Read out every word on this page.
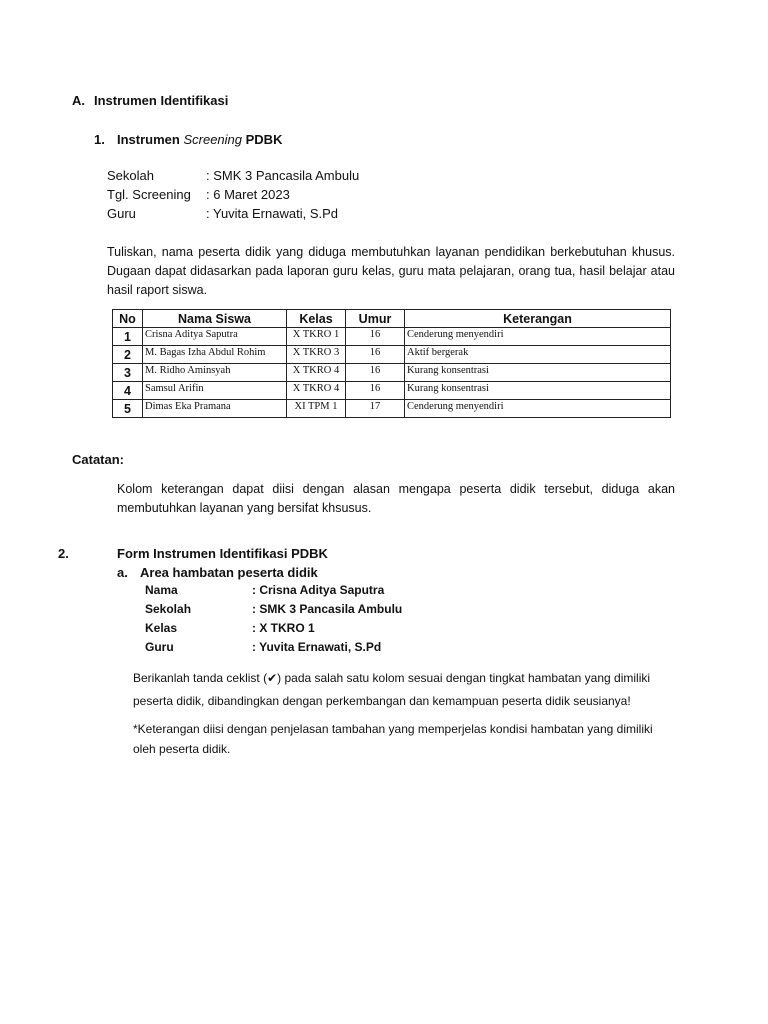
A. Instrumen Identifikasi
1. Instrumen Screening PDBK
Sekolah	: SMK 3 Pancasila Ambulu
Tgl. Screening : 6 Maret 2023
Guru	: Yuvita Ernawati, S.Pd
Tuliskan, nama peserta didik yang diduga membutuhkan layanan pendidikan berkebutuhan khusus. Dugaan dapat didasarkan pada laporan guru kelas, guru mata pelajaran, orang tua, hasil belajar atau hasil raport siswa.
No	Nama Siswa	Kelas	Umur	Keterangan
1	Crisna Aditya Saputra	X TKRO 1	16	Cenderung menyendiri
2	M. Bagas Izha Abdul Rohim	X TKRO 3	16	Aktif bergerak
3	M. Ridho Aminsyah	X TKRO 4	16	Kurang konsentrasi
4	Samsul Arifin	X TKRO 4	16	Kurang konsentrasi
5	Dimas Eka Pramana	XI TPM 1	17	Cenderung menyendiri
Catatan:
Kolom keterangan dapat diisi dengan alasan mengapa peserta didik tersebut, diduga akan membutuhkan layanan yang bersifat khsusus.
2.	Form Instrumen Identifikasi PDBK
a. Area hambatan peserta didik
Nama	: Crisna Aditya Saputra
Sekolah	: SMK 3 Pancasila Ambulu
Kelas	: X TKRO 1
Guru	: Yuvita Ernawati, S.Pd
Berikanlah tanda ceklist (✔) pada salah satu kolom sesuai dengan tingkat hambatan yang dimiliki
peserta didik, dibandingkan dengan perkembangan dan kemampuan peserta didik seusianya!
*Keterangan diisi dengan penjelasan tambahan yang memperjelas kondisi hambatan yang dimiliki
oleh peserta didik.
